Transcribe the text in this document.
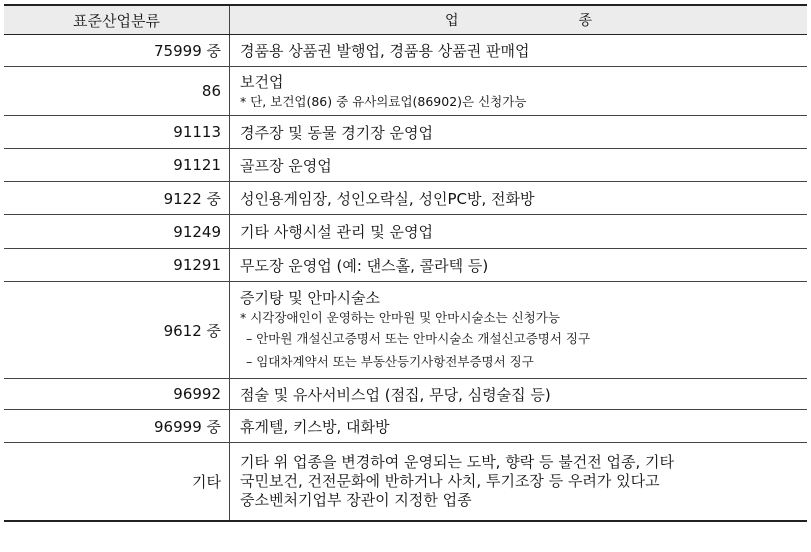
표준산업분류	업 종
75999 중	경품용 상품권 발행업, 경품용 상품권 판매업
86	보건업
* 단, 보건업(86) 중 유사의료업(86902)은 신청가능

91113	경주장 및 동물 경기장 운영업
91121	골프장 운영업
9122 중	성인용게임장, 성인오락실, 성인PC방, 전화방
91249	기타 사행시설 관리 및 운영업
91291	무도장 운영업 (예: 댄스홀, 콜라텍 등)
9612 중	증기탕 및 안마시술소
* 시각장애인이 운영하는 안마원 및 안마시술소는 신청가능
– 안마원 개설신고증명서 또는 안마시술소 개설신고증명서 징구
– 임대차계약서 또는 부동산등기사항전부증명서 징구

96992	점술 및 유사서비스업 (점집, 무당, 심령술집 등)
96999 중	휴게텔, 키스방, 대화방
기타	기타 위 업종을 변경하여 운영되는 도박, 향락 등 불건전 업종, 기타
국민보건, 건전문화에 반하거나 사치, 투기조장 등 우려가 있다고
중소벤처기업부 장관이 지정한 업종
